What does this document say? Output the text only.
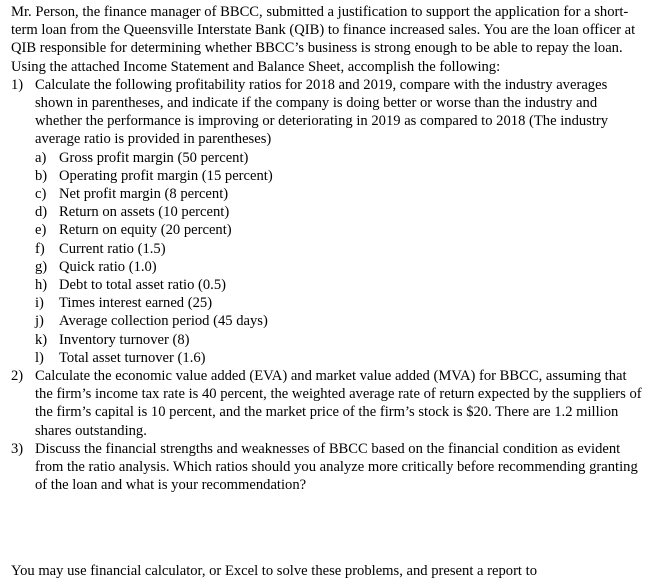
Mr. Person, the finance manager of BBCC, submitted a justification to support the application for a short-term loan from the Queensville Interstate Bank (QIB) to finance increased sales. You are the loan officer at QIB responsible for determining whether BBCC’s business is strong enough to be able to repay the loan. Using the attached Income Statement and Balance Sheet, accomplish the following:

1) Calculate the following profitability ratios for 2018 and 2019, compare with the industry averages shown in parentheses, and indicate if the company is doing better or worse than the industry and whether the performance is improving or deteriorating in 2019 as compared to 2018 (The industry average ratio is provided in parentheses)
a) Gross profit margin (50 percent)
b) Operating profit margin (15 percent)
c) Net profit margin (8 percent)
d) Return on assets (10 percent)
e) Return on equity (20 percent)
f) Current ratio (1.5)
g) Quick ratio (1.0)
h) Debt to total asset ratio (0.5)
i) Times interest earned (25)
j) Average collection period (45 days)
k) Inventory turnover (8)
l) Total asset turnover (1.6)
2) Calculate the economic value added (EVA) and market value added (MVA) for BBCC, assuming that the firm’s income tax rate is 40 percent, the weighted average rate of return expected by the suppliers of the firm’s capital is 10 percent, and the market price of the firm’s stock is $20. There are 1.2 million shares outstanding.
3) Discuss the financial strengths and weaknesses of BBCC based on the financial condition as evident from the ratio analysis. Which ratios should you analyze more critically before recommending granting of the loan and what is your recommendation?

You may use financial calculator, or Excel to solve these problems, and present a report to
